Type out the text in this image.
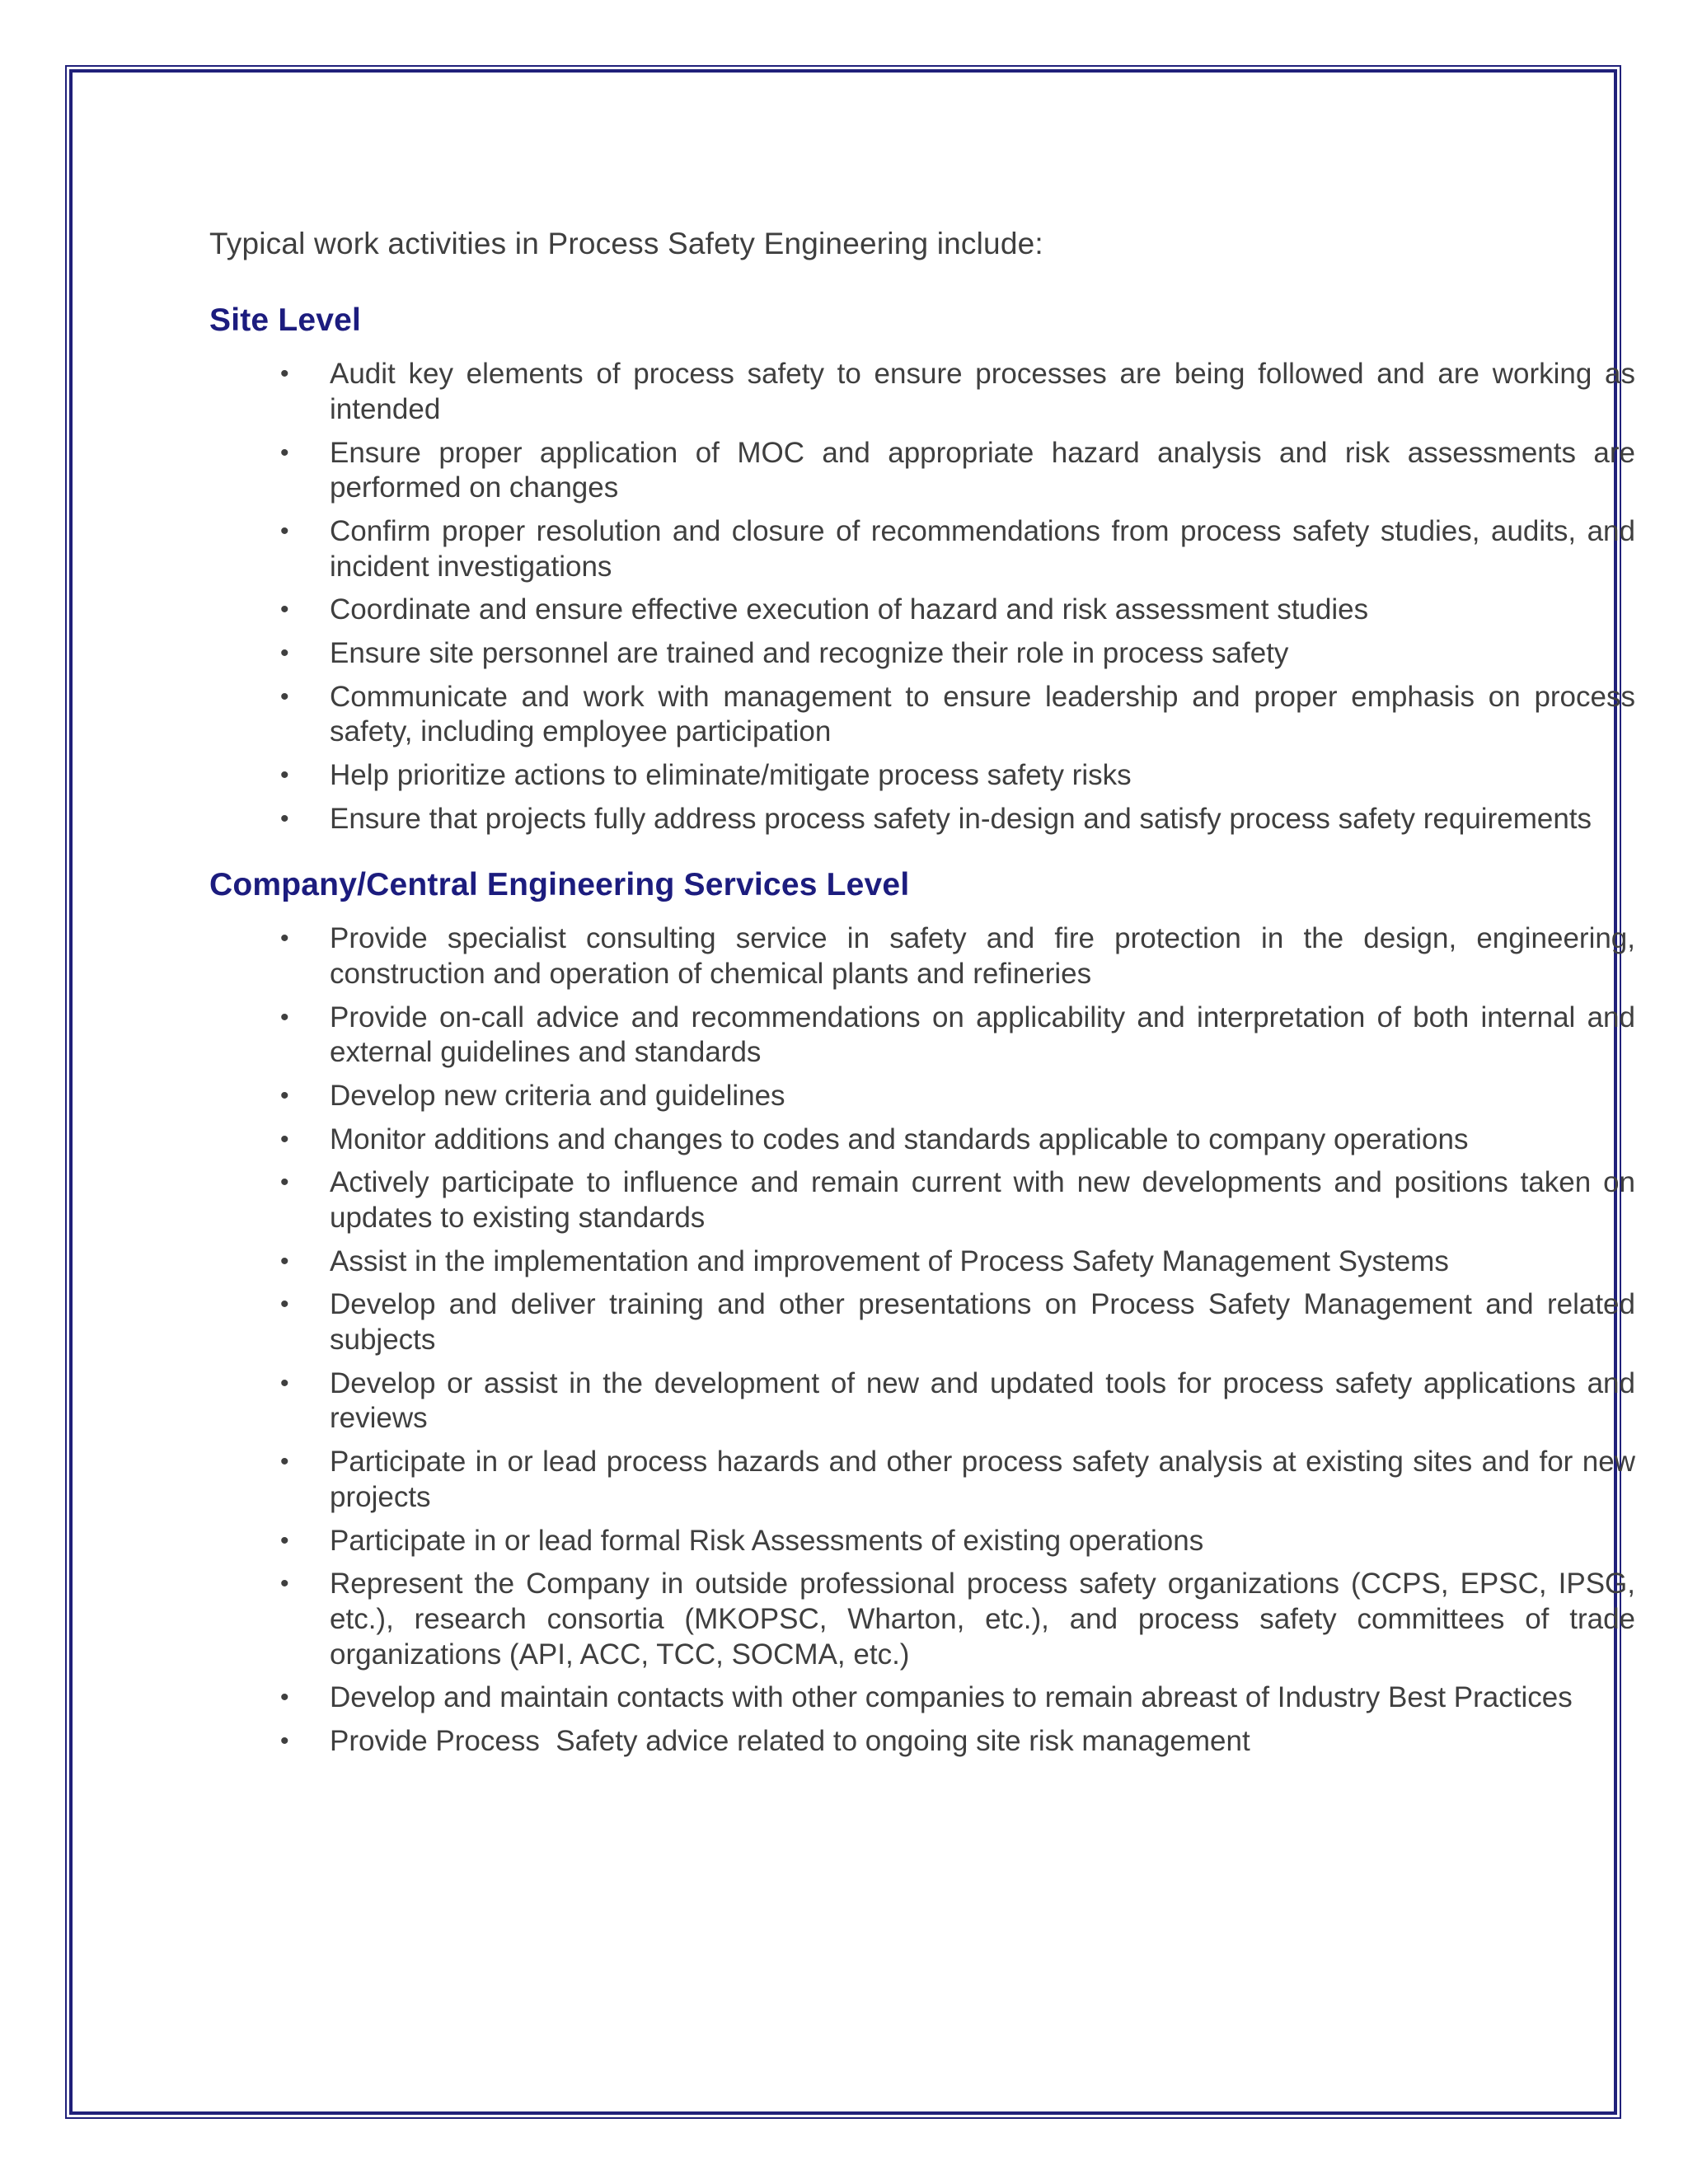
Typical work activities in Process Safety Engineering include:

Site Level
•	Audit key elements of process safety to ensure processes are being followed and are working as intended
•	Ensure proper application of MOC and appropriate hazard analysis and risk assessments are performed on changes
•	Confirm proper resolution and closure of recommendations from process safety studies, audits, and incident investigations
•	Coordinate and ensure effective execution of hazard and risk assessment studies
•	Ensure site personnel are trained and recognize their role in process safety
•	Communicate and work with management to ensure leadership and proper emphasis on process safety, including employee participation
•	Help prioritize actions to eliminate/mitigate process safety risks
•	Ensure that projects fully address process safety in-design and satisfy process safety requirements
Company/Central Engineering Services Level
•	Provide specialist consulting service in safety and fire protection in the design, engineering, construction and operation of chemical plants and refineries
•	Provide on-call advice and recommendations on applicability and interpretation of both internal and external guidelines and standards
•	Develop new criteria and guidelines
•	Monitor additions and changes to codes and standards applicable to company operations
•	Actively participate to influence and remain current with new developments and positions taken on updates to existing standards
•	Assist in the implementation and improvement of Process Safety Management Systems
•	Develop and deliver training and other presentations on Process Safety Management and related subjects
•	Develop or assist in the development of new and updated tools for process safety applications and reviews
•	Participate in or lead process hazards and other process safety analysis at existing sites and for new projects
•	Participate in or lead formal Risk Assessments of existing operations
•	Represent the Company in outside professional process safety organizations (CCPS, EPSC, IPSG, etc.), research consortia (MKOPSC, Wharton, etc.), and process safety committees of trade organizations (API, ACC, TCC, SOCMA, etc.)
•	Develop and maintain contacts with other companies to remain abreast of Industry Best Practices
•	Provide Process  Safety advice related to ongoing site risk management
